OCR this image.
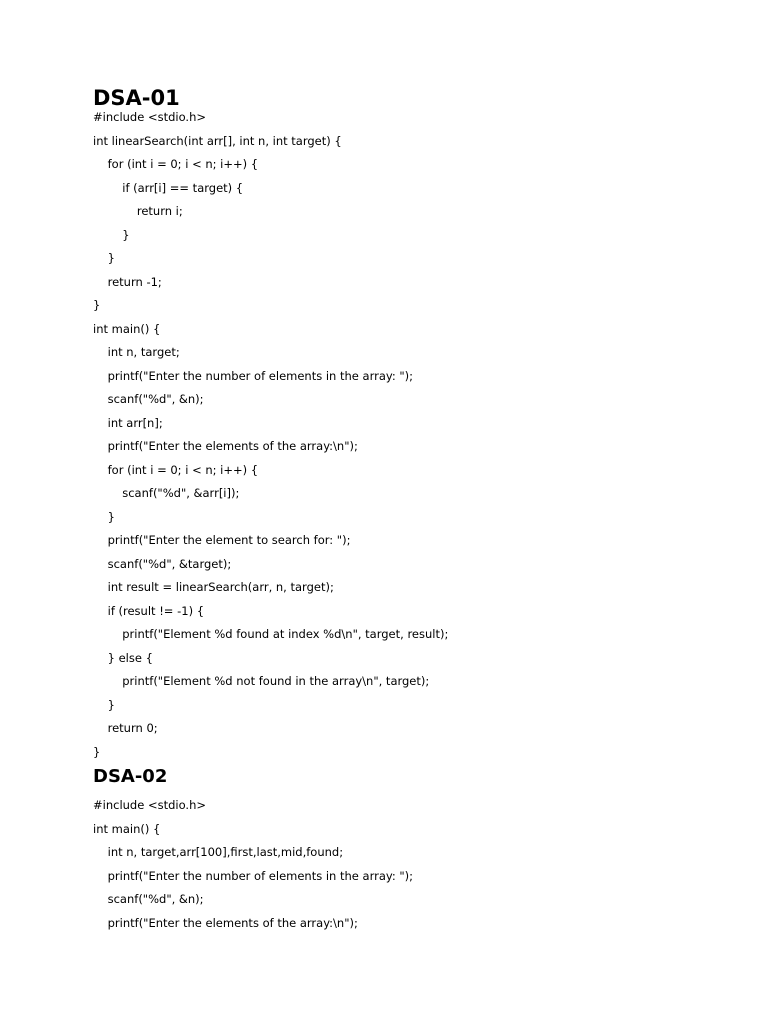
DSA-01
#include <stdio.h>
int linearSearch(int arr[], int n, int target) {
for (int i = 0; i < n; i++) {
if (arr[i] == target) {
return i;
}
}
return -1;
}
int main() {
int n, target;
printf("Enter the number of elements in the array: ");
scanf("%d", &n);
int arr[n];
printf("Enter the elements of the array:\n");
for (int i = 0; i < n; i++) {
scanf("%d", &arr[i]);
}
printf("Enter the element to search for: ");
scanf("%d", &target);
int result = linearSearch(arr, n, target);
if (result != -1) {
printf("Element %d found at index %d\n", target, result);
} else {
printf("Element %d not found in the array\n", target);
}
return 0;
}
DSA-02
#include <stdio.h>
int main() {
int n, target,arr[100],first,last,mid,found;
printf("Enter the number of elements in the array: ");
scanf("%d", &n);
printf("Enter the elements of the array:\n");
